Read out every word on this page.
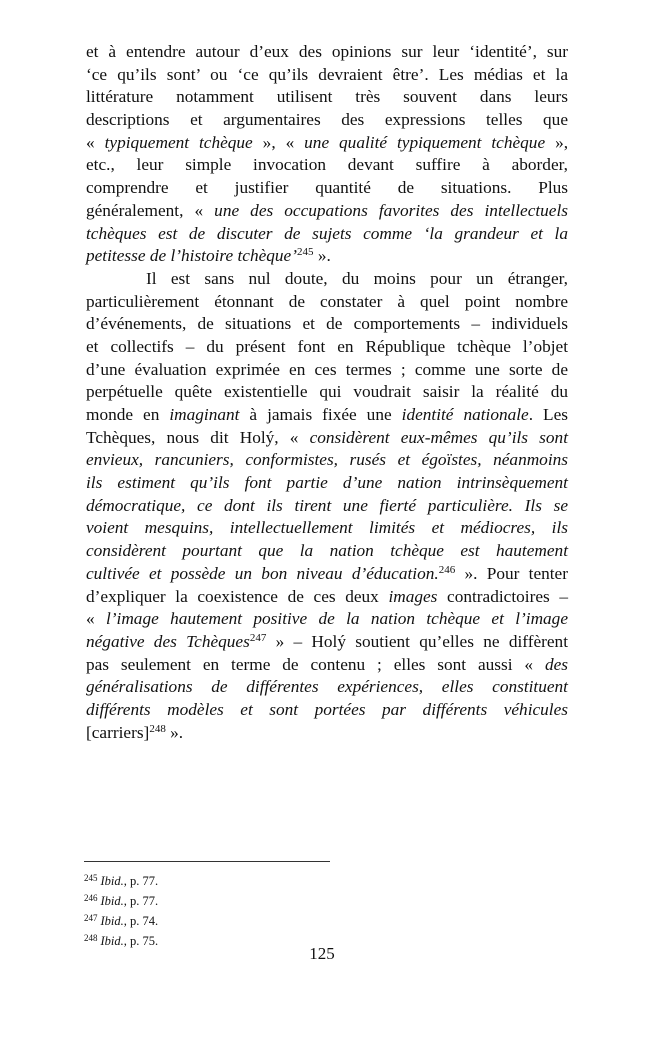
et à entendre autour d’eux des opinions sur leur ‘identité’, sur
‘ce qu’ils sont’ ou ‘ce qu’ils devraient être’. Les médias et la
littérature notamment utilisent très souvent dans leurs
descriptions et argumentaires des expressions telles que
« typiquement tchèque », « une qualité typiquement tchèque »,
etc., leur simple invocation devant suffire à aborder,
comprendre et justifier quantité de situations. Plus
généralement, « une des occupations favorites des intellectuels
tchèques est de discuter de sujets comme ‘la grandeur et la
petitesse de l’histoire tchèque’$^{245}$ ».
Il est sans nul doute, du moins pour un étranger,
particulièrement étonnant de constater à quel point nombre
d’événements, de situations et de comportements – individuels
et collectifs – du présent font en République tchèque l’objet
d’une évaluation exprimée en ces termes ; comme une sorte de
perpétuelle quête existentielle qui voudrait saisir la réalité du
monde en imaginant à jamais fixée une identité nationale. Les
Tchèques, nous dit Holý, « considèrent eux-mêmes qu’ils sont
envieux, rancuniers, conformistes, rusés et égoïstes, néanmoins
ils estiment qu’ils font partie d’une nation intrinsèquement
démocratique, ce dont ils tirent une fierté particulière. Ils se
voient mesquins, intellectuellement limités et médiocres, ils
considèrent pourtant que la nation tchèque est hautement
cultivée et possède un bon niveau d’éducation.$^{246}$ ». Pour tenter
d’expliquer la coexistence de ces deux images contradictoires –
« l’image hautement positive de la nation tchèque et l’image
négative des Tchèques$^{247}$ » – Holý soutient qu’elles ne diffèrent
pas seulement en terme de contenu ; elles sont aussi « des
généralisations de différentes expériences, elles constituent
différents modèles et sont portées par différents véhicules
[carriers]$^{248}$ ».
$^{245}$ Ibid., p. 77.
$^{246}$ Ibid., p. 77.
$^{247}$ Ibid., p. 74.
$^{248}$ Ibid., p. 75.
125
